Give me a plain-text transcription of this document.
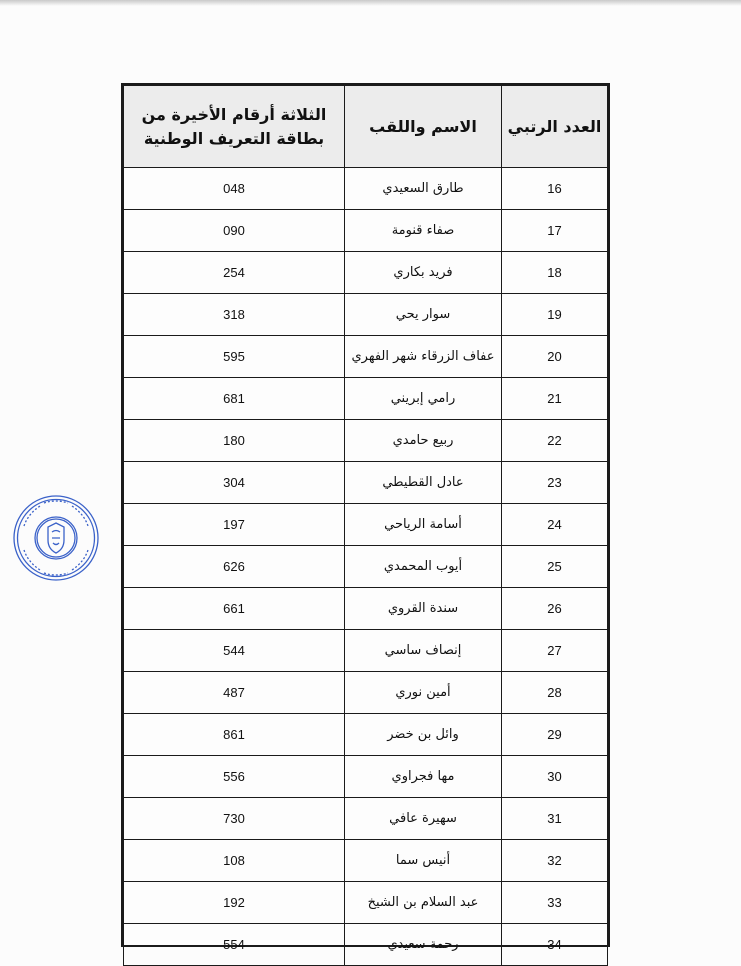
العدد الرتبي	الاسم واللقب	الثلاثة أرقام الأخيرة من بطاقة التعريف الوطنية
16	طارق السعيدي	048
17	صفاء قنومة	090
18	فريد بكاري	254
19	سوار يحي	318
20	عفاف الزرقاء شهر الفهري	595
21	رامي إبريني	681
22	ربيع حامدي	180
23	عادل القطيطي	304
24	أسامة الرياحي	197
25	أيوب المحمدي	626
26	سندة القروي	661
27	إنصاف ساسي	544
28	أمين نوري	487
29	وائل بن خضر	861
30	مها فجراوي	556
31	سهيرة عافي	730
32	أنيس سما	108
33	عبد السلام بن الشيخ	192
34	رحمة سعيدي	554
